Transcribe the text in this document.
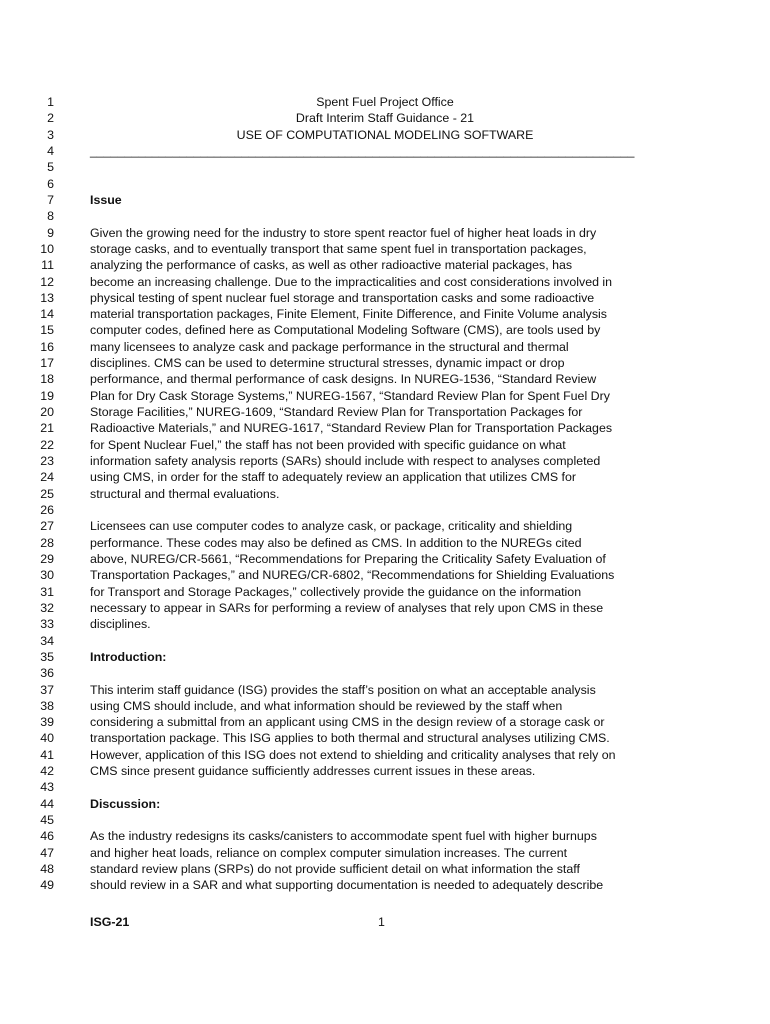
1	Spent Fuel Project Office
2	Draft Interim Staff Guidance - 21
3	USE OF COMPUTATIONAL MODELING SOFTWARE
4	_______________________________________________________________________________
5
6
7	Issue
8
9	Given the growing need for the industry to store spent reactor fuel of higher heat loads in dry
10	storage casks, and to eventually transport that same spent fuel in transportation packages,
11	analyzing the performance of casks, as well as other radioactive material packages, has
12	become an increasing challenge. Due to the impracticalities and cost considerations involved in
13	physical testing of spent nuclear fuel storage and transportation casks and some radioactive
14	material transportation packages, Finite Element, Finite Difference, and Finite Volume analysis
15	computer codes, defined here as Computational Modeling Software (CMS), are tools used by
16	many licensees to analyze cask and package performance in the structural and thermal
17	disciplines. CMS can be used to determine structural stresses, dynamic impact or drop
18	performance, and thermal performance of cask designs. In NUREG-1536, “Standard Review
19	Plan for Dry Cask Storage Systems,” NUREG-1567, “Standard Review Plan for Spent Fuel Dry
20	Storage Facilities,” NUREG-1609, “Standard Review Plan for Transportation Packages for
21	Radioactive Materials,” and NUREG-1617, “Standard Review Plan for Transportation Packages
22	for Spent Nuclear Fuel,” the staff has not been provided with specific guidance on what
23	information safety analysis reports (SARs) should include with respect to analyses completed
24	using CMS, in order for the staff to adequately review an application that utilizes CMS for
25	structural and thermal evaluations.
26
27	Licensees can use computer codes to analyze cask, or package, criticality and shielding
28	performance. These codes may also be defined as CMS. In addition to the NUREGs cited
29	above, NUREG/CR-5661, “Recommendations for Preparing the Criticality Safety Evaluation of
30	Transportation Packages,” and NUREG/CR-6802, “Recommendations for Shielding Evaluations
31	for Transport and Storage Packages,” collectively provide the guidance on the information
32	necessary to appear in SARs for performing a review of analyses that rely upon CMS in these
33	disciplines.
34
35	Introduction:
36
37	This interim staff guidance (ISG) provides the staff’s position on what an acceptable analysis
38	using CMS should include, and what information should be reviewed by the staff when
39	considering a submittal from an applicant using CMS in the design review of a storage cask or
40	transportation package. This ISG applies to both thermal and structural analyses utilizing CMS.
41	However, application of this ISG does not extend to shielding and criticality analyses that rely on
42	CMS since present guidance sufficiently addresses current issues in these areas.
43
44	Discussion:
45
46	As the industry redesigns its casks/canisters to accommodate spent fuel with higher burnups
47	and higher heat loads, reliance on complex computer simulation increases. The current
48	standard review plans (SRPs) do not provide sufficient detail on what information the staff
49	should review in a SAR and what supporting documentation is needed to adequately describe
ISG-21	1
